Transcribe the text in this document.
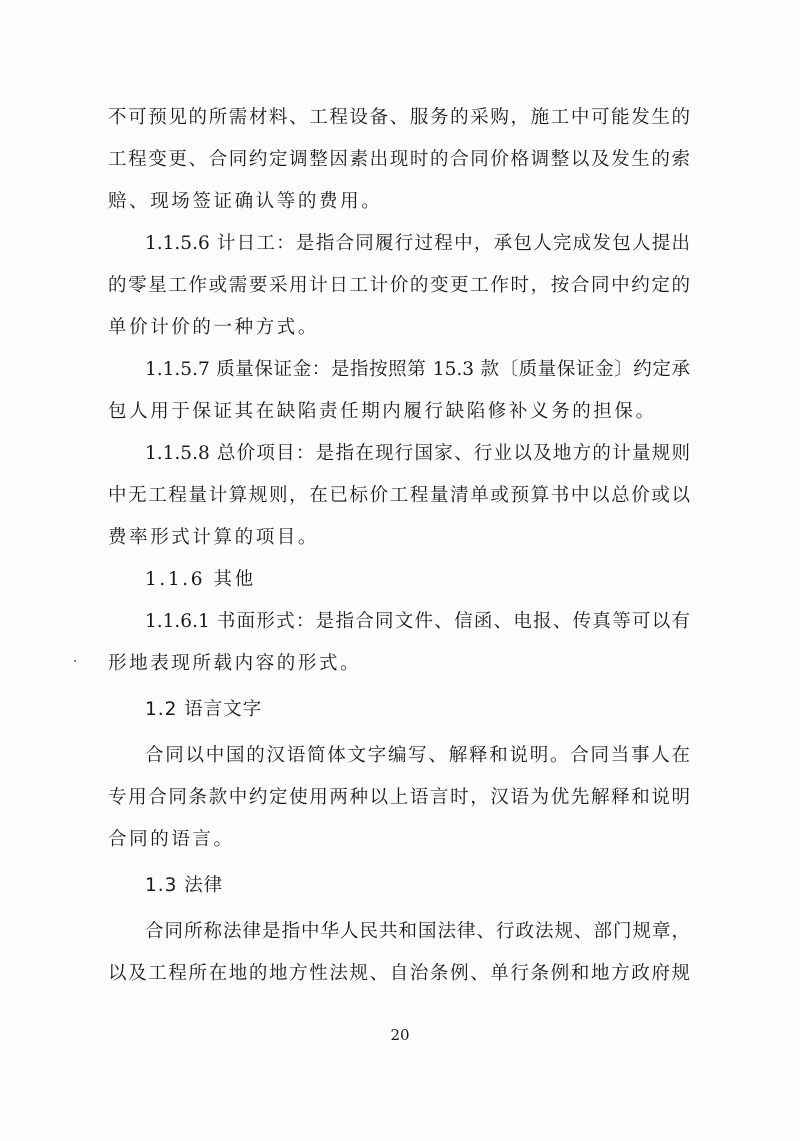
不可预见的所需材料、工程设备、服务的采购，施工中可能发生的
工程变更、合同约定调整因素出现时的合同价格调整以及发生的索
赔、现场签证确认等的费用。
1.1.5.6 计日工：是指合同履行过程中，承包人完成发包人提出
的零星工作或需要采用计日工计价的变更工作时，按合同中约定的
单价计价的一种方式。
1.1.5.7 质量保证金：是指按照第 15.3 款〔质量保证金〕约定承
包人用于保证其在缺陷责任期内履行缺陷修补义务的担保。
1.1.5.8 总价项目：是指在现行国家、行业以及地方的计量规则
中无工程量计算规则，在已标价工程量清单或预算书中以总价或以
费率形式计算的项目。
1.1.6 其他
1.1.6.1 书面形式：是指合同文件、信函、电报、传真等可以有
形地表现所载内容的形式。
1.2 语言文字
合同以中国的汉语简体文字编写、解释和说明。合同当事人在
专用合同条款中约定使用两种以上语言时，汉语为优先解释和说明
合同的语言。
1.3 法律
合同所称法律是指中华人民共和国法律、行政法规、部门规章，
以及工程所在地的地方性法规、自治条例、单行条例和地方政府规
20
